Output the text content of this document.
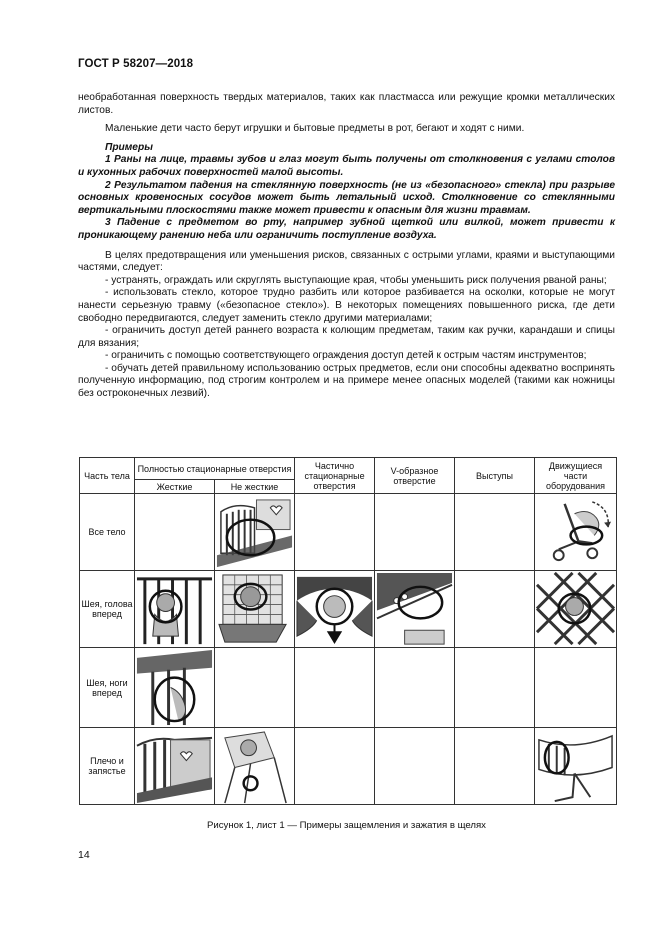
ГОСТ Р 58207—2018

необработанная поверхность твердых материалов, таких как пластмасса или режущие кромки металлических листов.

Маленькие дети часто берут игрушки и бытовые предметы в рот, бегают и ходят с ними.

Примеры

1 Раны на лице, травмы зубов и глаз могут быть получены от столкновения с углами столов и кухонных рабочих поверхностей малой высоты.

2 Результатом падения на стеклянную поверхность (не из «безопасного» стекла) при разрыве основных кровеносных сосудов может быть летальный исход. Столкновение со стеклянными вертикальными плоскостями также может привести к опасным для жизни травмам.

3 Падение с предметом во рту, например зубной щеткой или вилкой, может привести к проникающему ранению неба или ограничить поступление воздуха.

В целях предотвращения или уменьшения рисков, связанных с острыми углами, краями и выступающими частями, следует:

- устранять, ограждать или скруглять выступающие края, чтобы уменьшить риск получения рваной раны;

- использовать стекло, которое трудно разбить или которое разбивается на осколки, которые не могут нанести серьезную травму («безопасное стекло»). В некоторых помещениях повышенного риска, где дети свободно передвигаются, следует заменить стекло другими материалами;

- ограничить доступ детей раннего возраста к колющим предметам, таким как ручки, карандаши и спицы для вязания;

- ограничить с помощью соответствующего ограждения доступ детей к острым частям инструментов;

- обучать детей правильному использованию острых предметов, если они способны адекватно воспринять полученную информацию, под строгим контролем и на примере менее опасных моделей (такими как ножницы без остроконечных лезвий).

Часть тела	Полностью стационарные отверстия		Частично стационарные отверстия	V-образное отверстие	Выступы	Движущиеся части оборудования
	Жесткие	Не жесткие				
Все тело		

Шея, голова вперед	

Шея, ноги вперед	

Плечо и запястье	

Рисунок 1, лист 1 — Примеры защемления и зажатия в щелях
14
